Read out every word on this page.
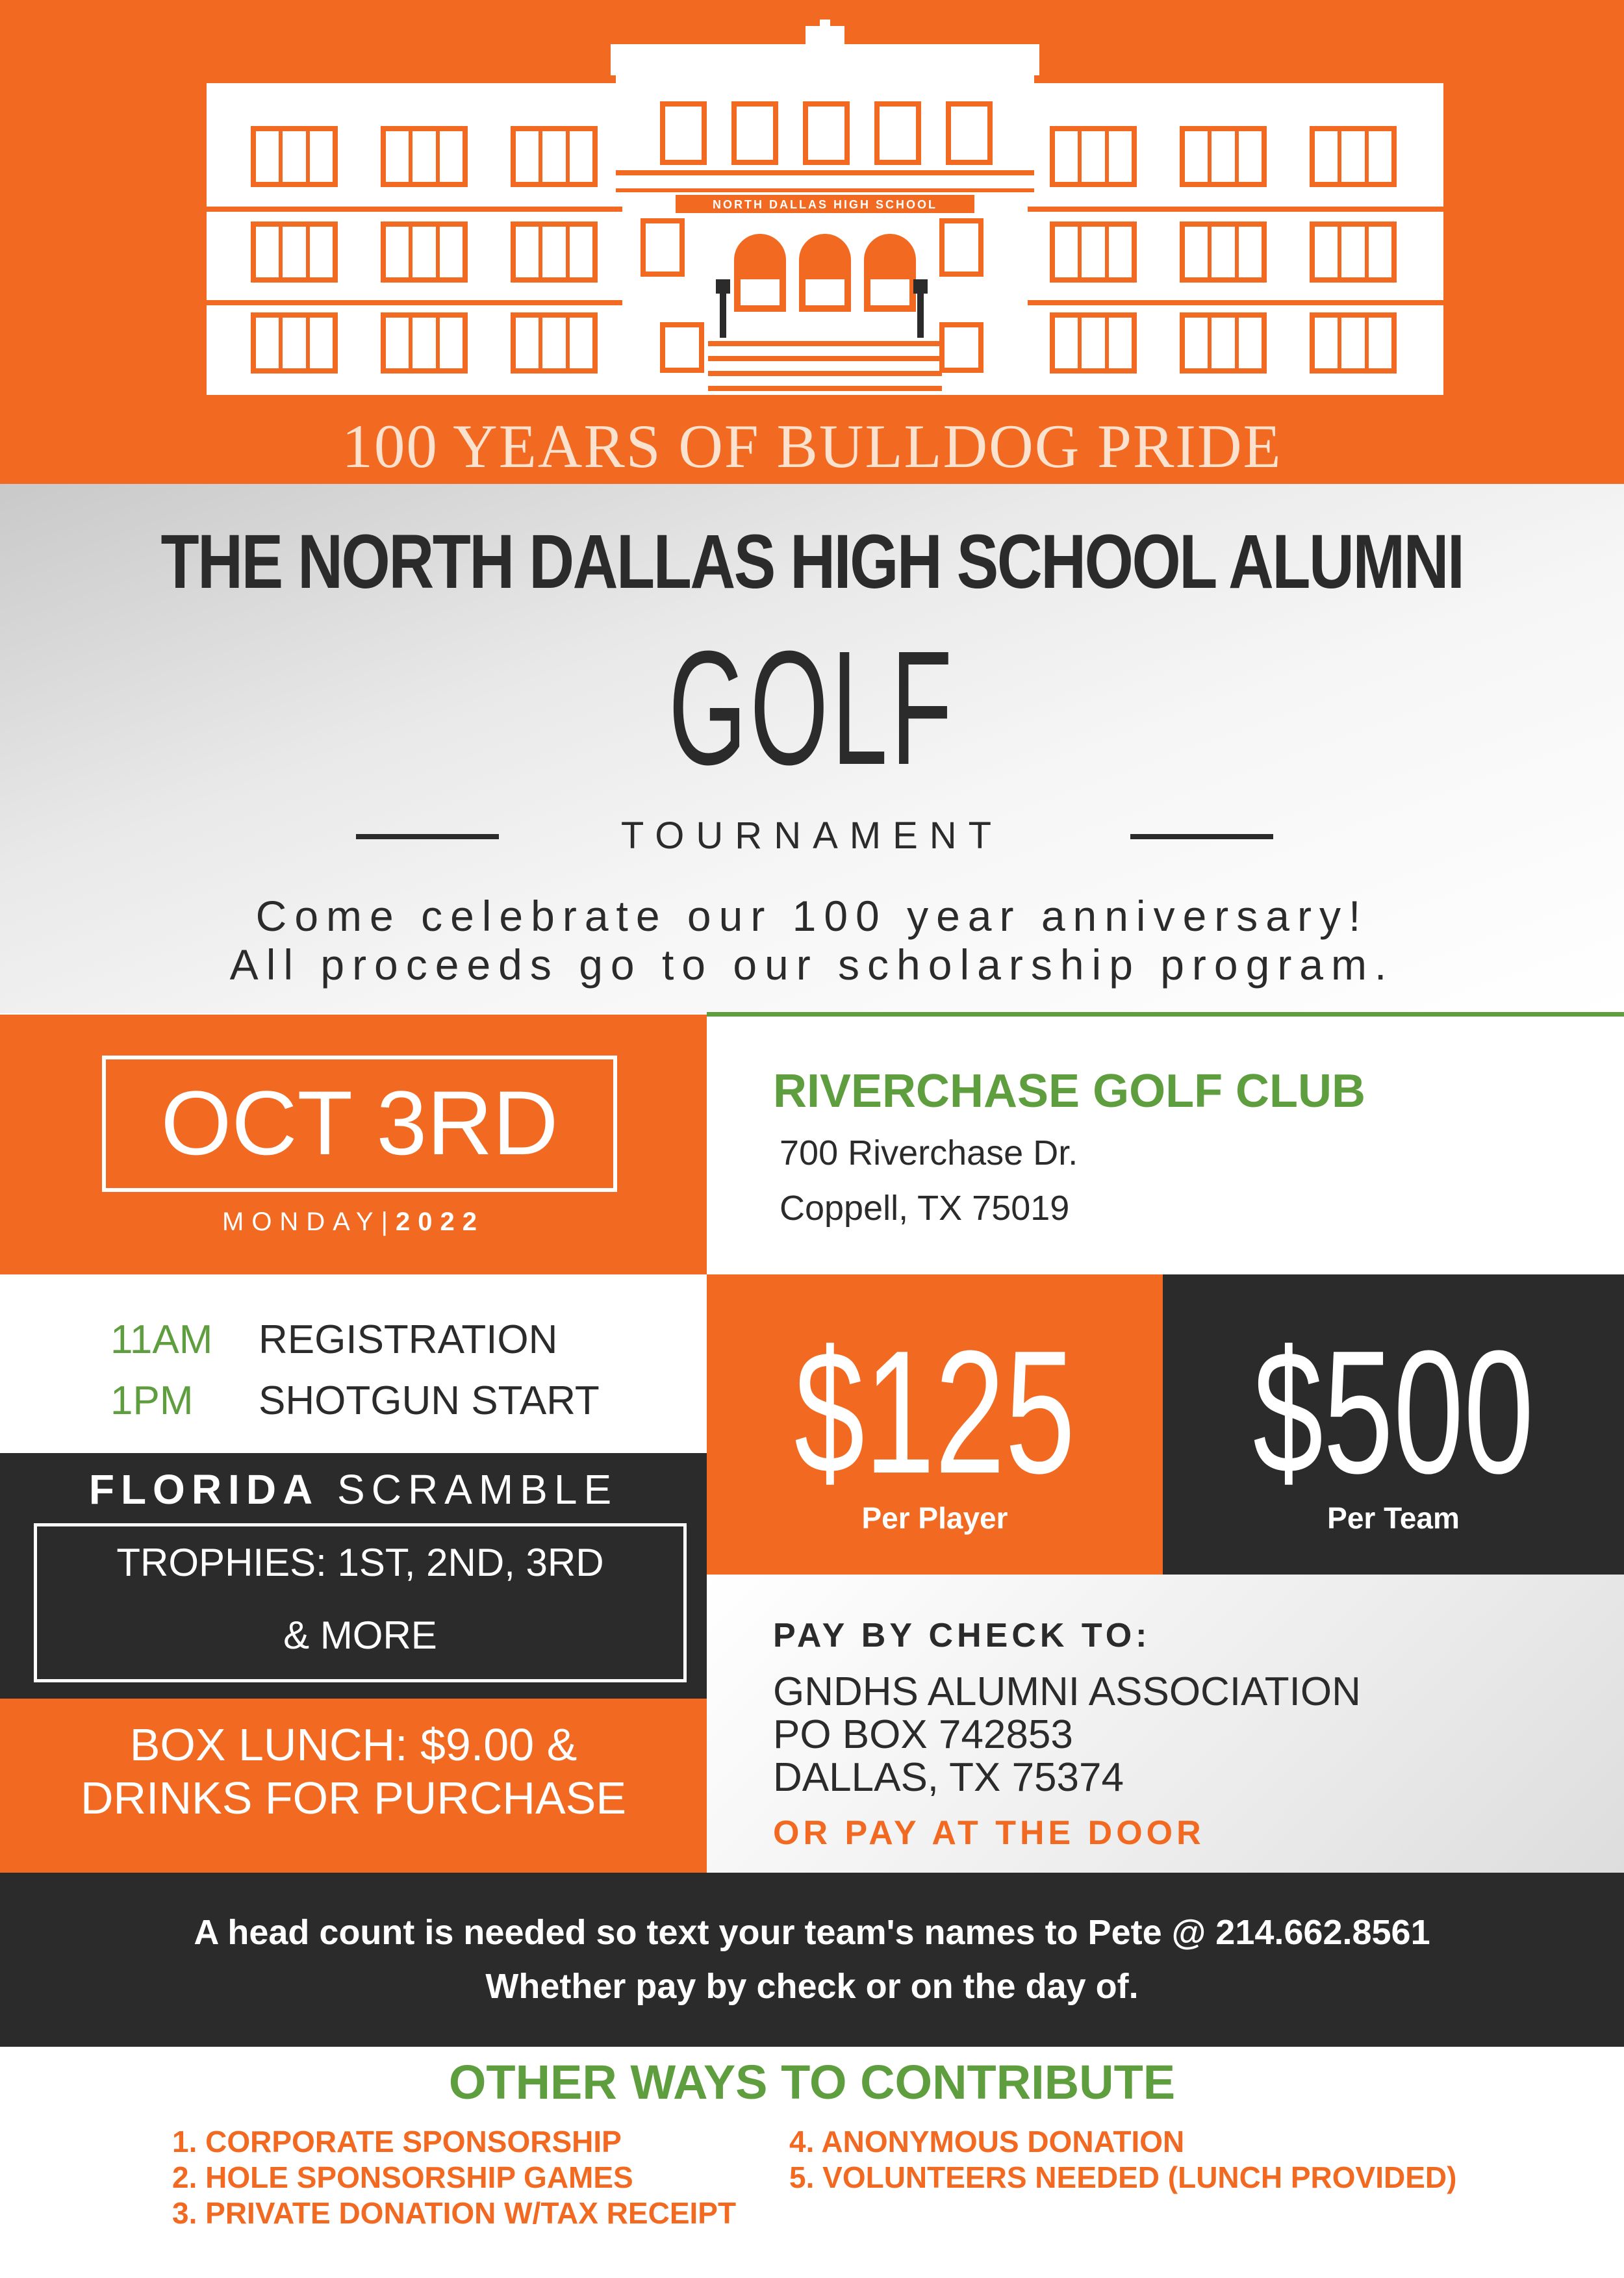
NORTH DALLAS HIGH SCHOOL
100 YEARS OF BULLDOG PRIDE
THE NORTH DALLAS HIGH SCHOOL ALUMNI
GOLF
TOURNAMENT
Come celebrate our 100 year anniversary!
All proceeds go to our scholarship program.
OCT 3RD
MONDAY|2022
RIVERCHASE GOLF CLUB
700 Riverchase Dr.
Coppell, TX 75019
11AM REGISTRATION
1PM SHOTGUN START $125
Per Player
$500
Per Team
FLORIDA SCRAMBLE
TROPHIES: 1ST, 2ND, 3RD
& MORE
BOX LUNCH: $9.00 &
DRINKS FOR PURCHASE
PAY BY CHECK TO:
GNDHS ALUMNI ASSOCIATION
PO BOX 742853
DALLAS, TX 75374
OR PAY AT THE DOOR
A head count is needed so text your team's names to Pete @ 214.662.8561
Whether pay by check or on the day of.
OTHER WAYS TO CONTRIBUTE
1. CORPORATE SPONSORSHIP
2. HOLE SPONSORSHIP GAMES
3. PRIVATE DONATION W/TAX RECEIPT
4. ANONYMOUS DONATION
5. VOLUNTEERS NEEDED (LUNCH PROVIDED)
